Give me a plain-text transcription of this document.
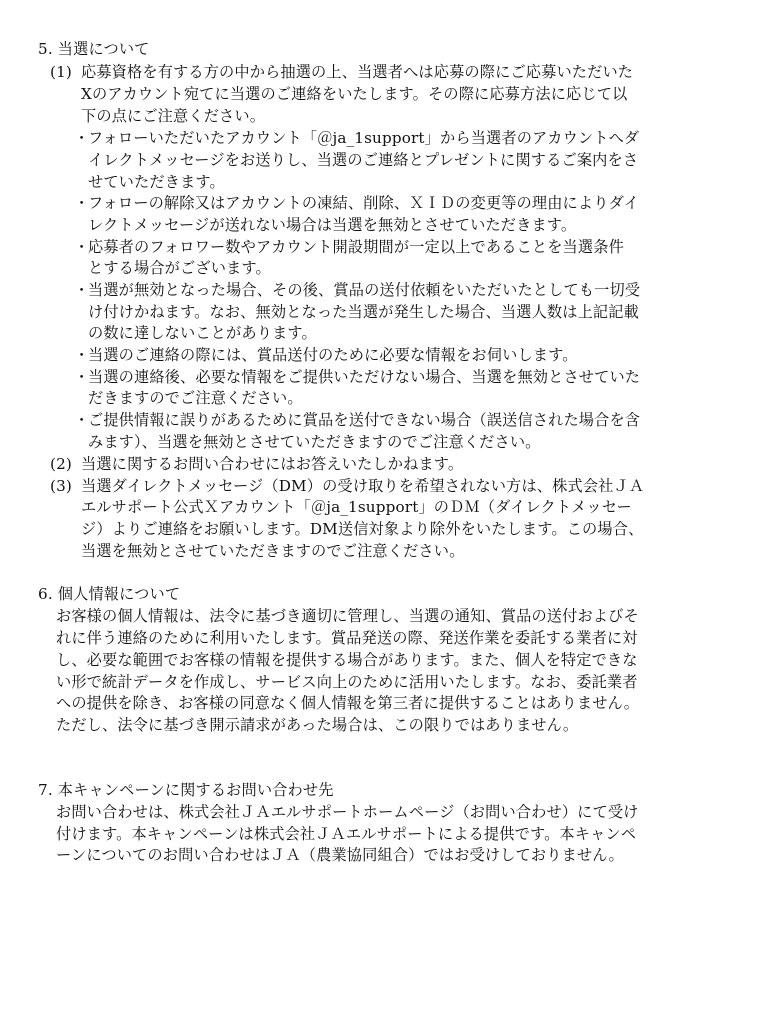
5. 当選について
(1) 応募資格を有する方の中から抽選の上、当選者へは応募の際にご応募いただいた
Xのアカウント宛てに当選のご連絡をいたします。その際に応募方法に応じて以
下の点にご注意ください。
・
フォローいただいたアカウント「＠ja_1support」から当選者のアカウントへダ
イレクトメッセージをお送りし、当選のご連絡とプレゼントに関するご案内をさ
せていただきます。
・
フォローの解除又はアカウントの凍結、削除、ＸＩＤの変更等の理由によりダイ
レクトメッセージが送れない場合は当選を無効とさせていただきます。
・
応募者のフォロワー数やアカウント開設期間が一定以上であることを当選条件
とする場合がございます。
・
当選が無効となった場合、その後、賞品の送付依頼をいただいたとしても一切受
け付けかねます。なお、無効となった当選が発生した場合、当選人数は上記記載
の数に達しないことがあります。
・
当選のご連絡の際には、賞品送付のために必要な情報をお伺いします。
・
当選の連絡後、必要な情報をご提供いただけない場合、当選を無効とさせていた
だきますのでご注意ください。
・
ご提供情報に誤りがあるために賞品を送付できない場合（誤送信された場合を含
みます）、当選を無効とさせていただきますのでご注意ください。
(2) 当選に関するお問い合わせにはお答えいたしかねます。
(3) 当選ダイレクトメッセージ（DM）の受け取りを希望されない方は、株式会社ＪＡ
エルサポート公式Ｘアカウント「＠ja_1support」のＤＭ（ダイレクトメッセー
ジ）よりご連絡をお願いします。DM送信対象より除外をいたします。この場合、
当選を無効とさせていただきますのでご注意ください。
6. 個人情報について
お客様の個人情報は、法令に基づき適切に管理し、当選の通知、賞品の送付およびそ
れに伴う連絡のために利用いたします。賞品発送の際、発送作業を委託する業者に対
し、必要な範囲でお客様の情報を提供する場合があります。また、個人を特定できな
い形で統計データを作成し、サービス向上のために活用いたします。なお、委託業者
への提供を除き、お客様の同意なく個人情報を第三者に提供することはありません。
ただし、法令に基づき開示請求があった場合は、この限りではありません。
7. 本キャンペーンに関するお問い合わせ先
お問い合わせは、株式会社ＪＡエルサポートホームページ（お問い合わせ）にて受け
付けます。本キャンペーンは株式会社ＪＡエルサポートによる提供です。本キャンペ
ーンについてのお問い合わせはＪＡ（農業協同組合）ではお受けしておりません。
